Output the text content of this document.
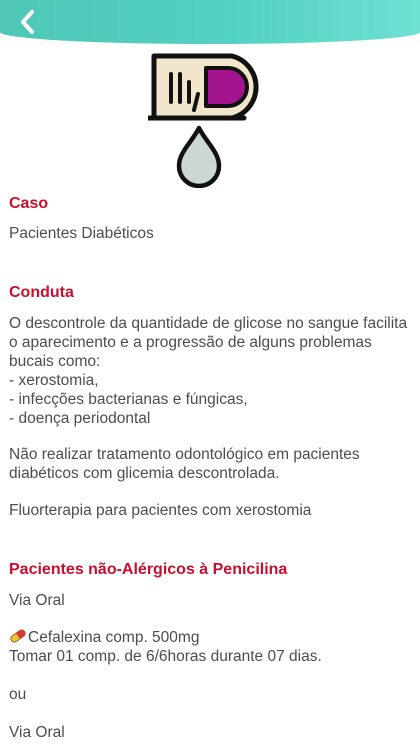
Caso

Pacientes Diabéticos

Conduta

O descontrole da quantidade de glicose no sangue facilita o aparecimento e a progressão de alguns problemas bucais como:
- xerostomia,
- infecções bacterianas e fúngicas,
- doença periodontal

Não realizar tratamento odontológico em pacientes diabéticos com glicemia descontrolada.

Fluorterapia para pacientes com xerostomia

Pacientes não-Alérgicos à Penicilina

Via Oral

Cefalexina comp. 500mg

Tomar 01 comp. de 6/6horas durante 07 dias.

ou

Via Oral
